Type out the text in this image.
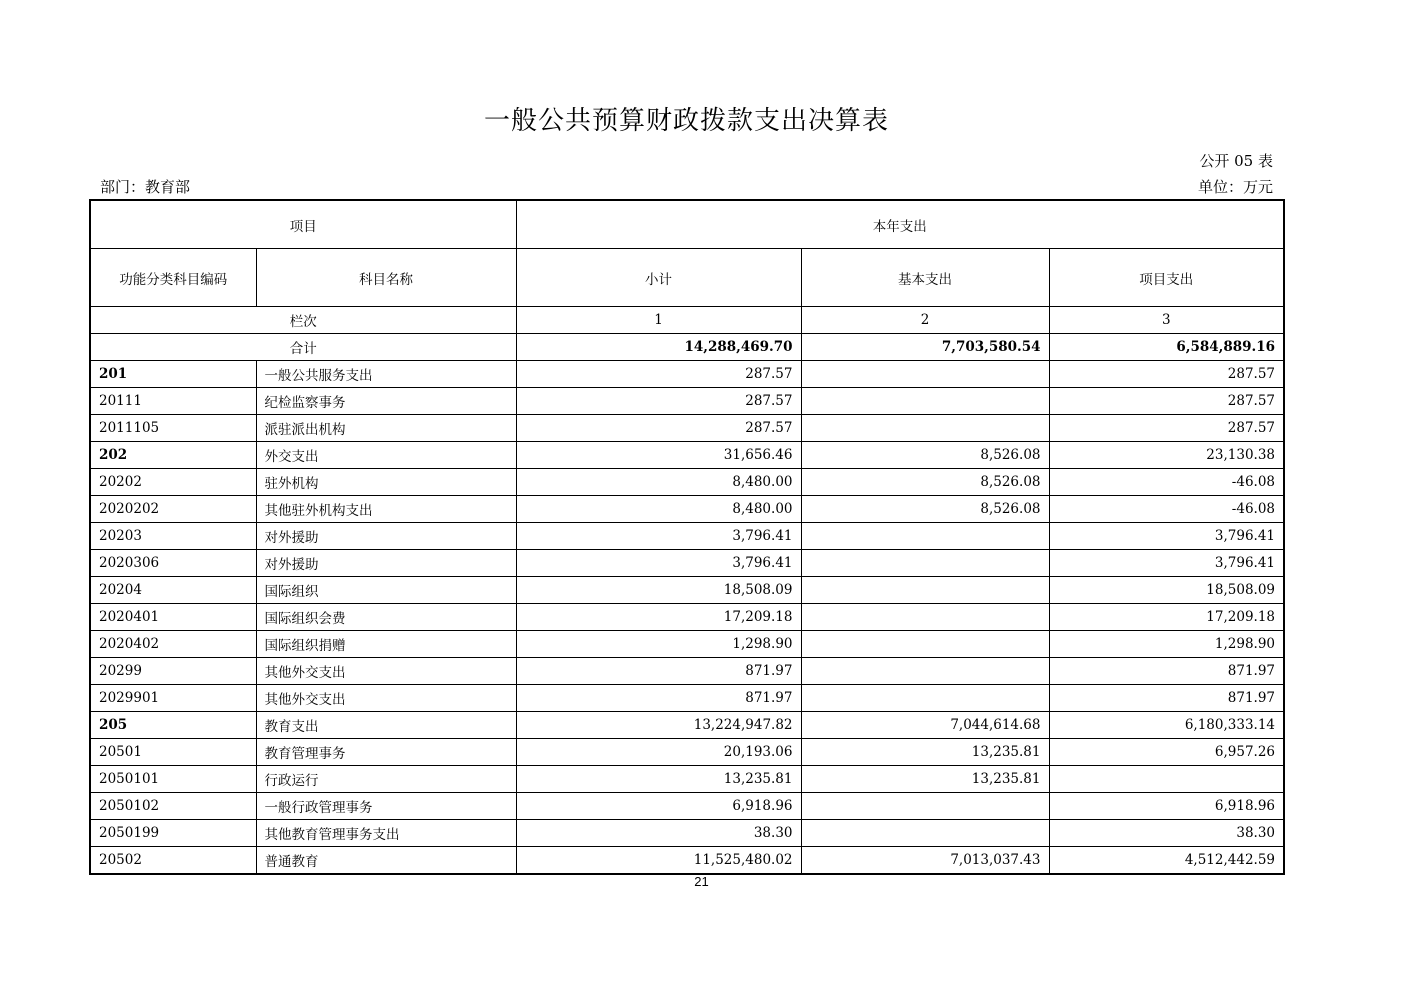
一般公共预算财政拨款支出决算表
公开 05 表
部门：教育部	单位：万元
项目		本年支出		
功能分类科目编码	科目名称	小计	基本支出	项目支出
栏次		1	2	3
合计		14,288,469.70	7,703,580.54	6,584,889.16
201	一般公共服务支出	287.57		287.57
20111	纪检监察事务	287.57		287.57
2011105	派驻派出机构	287.57		287.57
202	外交支出	31,656.46	8,526.08	23,130.38
20202	驻外机构	8,480.00	8,526.08	-46.08
2020202	其他驻外机构支出	8,480.00	8,526.08	-46.08
20203	对外援助	3,796.41		3,796.41
2020306	对外援助	3,796.41		3,796.41
20204	国际组织	18,508.09		18,508.09
2020401	国际组织会费	17,209.18		17,209.18
2020402	国际组织捐赠	1,298.90		1,298.90
20299	其他外交支出	871.97		871.97
2029901	其他外交支出	871.97		871.97
205	教育支出	13,224,947.82	7,044,614.68	6,180,333.14
20501	教育管理事务	20,193.06	13,235.81	6,957.26
2050101	行政运行	13,235.81	13,235.81	
2050102	一般行政管理事务	6,918.96		6,918.96
2050199	其他教育管理事务支出	38.30		38.30
20502	普通教育	11,525,480.02	7,013,037.43	4,512,442.59
21
